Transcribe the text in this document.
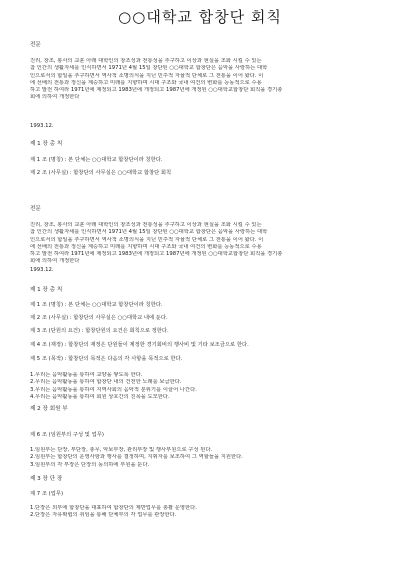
○○대학교 합창단 회칙
전문

진리, 창조, 봉사의 교훈 아래 대학인의 창조성과 전통성을 추구하고 이상과 현실을 조화 시킬 수 있는

참 인간의 생활자세를 인식하면서 1971년 4월 15일 창단된 ○○대학교 합창단은 음악을 사랑하는 대학

인으로서의 합일을 추구하면서 역사적 소명의식을 지닌 민주적 자율적 단체로 그 전통을 이어 왔다. 이

에 선배의 전통과 정신을 계승하고 미래를 지향하며 시대 구조와 국내 여건의 변화를 능동적으로 수용

하고 발전 하여라 1971년에 제정되고 1983년에 개정되고 1987년에 개정된 ○○대학교합창단 회칙을 경기총

회에 의하여 개정한다

1993.12.
제 1 장 총 칙
제 1 조 (명칭) : 본 단체는 ○○대학교 합창단이라 칭한다.
제 2 조 (사무실) : 합창단의 사무실은 ○○대학교 합창단 회칙
전문

진리, 창조, 봉사의 교훈 아래 대학인의 창조성과 전통성을 추구하고 이상과 현실을 조화 시킬 수 있는

참 인간의 생활자세를 인식하면서 1971년 4월 15일 창단된 ○○대학교 합창단은 음악을 사랑하는 대학

인으로서의 합일을 추구하면서 역사적 소명의식을 지닌 민주적 자율적 단체로 그 전통을 이어 왔다. 이

에 선배의 전통과 정신을 계승하고 미래를 지향하며 시대 구조와 국내 여건의 변화를 능동적으로 수용

하고 발전 하여라 1971년에 제정되고 1983년에 개정되고 1987년에 개정된 ○○대학교합창단 회칙을 경기총

회에 의하여 개정한다

1993.12.
제 1 장 총 칙
제 1 조 (명칭) : 본 단체는 ○○대학교 합창단이라 칭한다.
제 2 조 (사무실) : 합창단의 사무실은 ○○대학교 내에 둔다.
제 3 조 (단원의 요건) : 합창단원의 요건은 회칙으로 정한다.
제 4 조 (재정) : 합창단의 재정은 단원들이 제정한 경기회비의 행사비 및 기타 보조금으로 한다.
제 5 조 (목적) : 합창단의 목적은 다음의 각 사항을 목적으로 한다.

1.우리는 음악활동을 통하여 교양을 쌓도록 한다.

2.우리는 음악활동을 통하여 합창단 내의 건전한 노래를 보급한다.

3.우리는 음악활동을 통하여 지역사회의 음악적 분위기를 이끌어 나간다.

4.우리는 음악활동을 통하여 회원 상호간의 친목을 도모한다.

제 2 장 회원 부
제 6 조 (임원부의 구성 및 업무)

1.임원부는 단장, 부단장, 총무, 악보부장, 관리부장 및 행사부원으로 구성 된다.

2.임원부는 합창단의 운영사항과 행사를 결정하며, 지휘자를 보조하여 그 역할들을 지원한다.

3.임원부의 각 부장은 단장의 동의하에 부원을 둔다.

제 3 장 단 장
제 7 조 (업무)

1.단장은 외부에 합창단을 대표하여 합창단의 제반업무를 총괄 운영한다.

2.단장은 자유확립의 취임을 통해 단체부의 각 업무를 관장한다.
